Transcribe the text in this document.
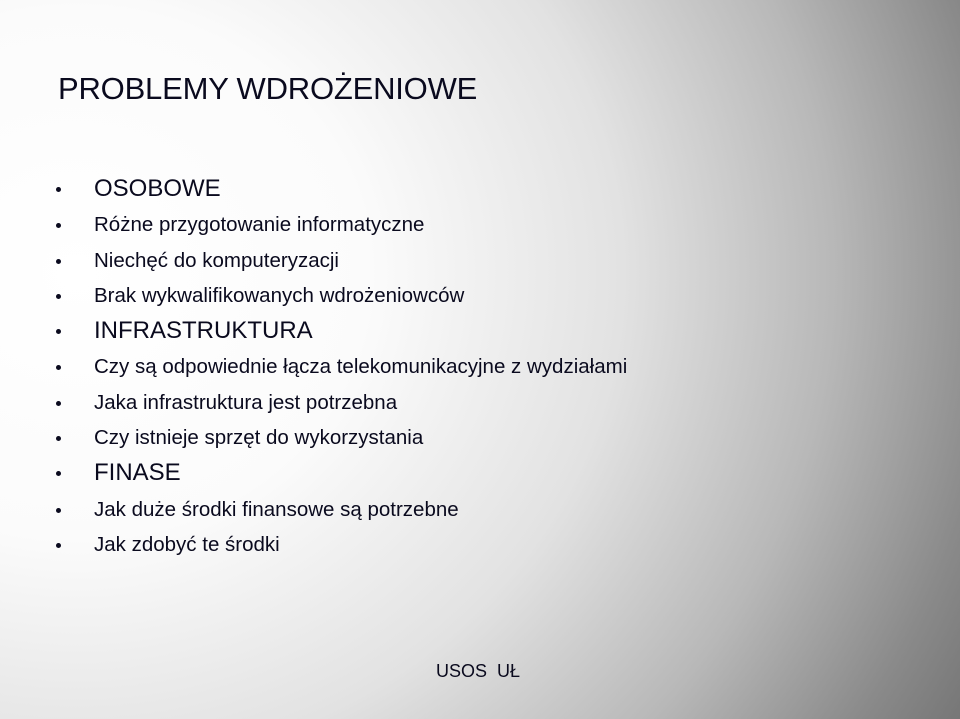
PROBLEMY WDROŻENIOWE
OSOBOWE
Różne przygotowanie informatyczne
Niechęć do komputeryzacji
Brak wykwalifikowanych wdrożeniowców
INFRASTRUKTURA
Czy są odpowiednie łącza telekomunikacyjne z wydziałami
Jaka infrastruktura jest potrzebna
Czy istnieje sprzęt do wykorzystania
FINASE
Jak duże środki finansowe są potrzebne
Jak zdobyć te środki
USOS  UŁ
